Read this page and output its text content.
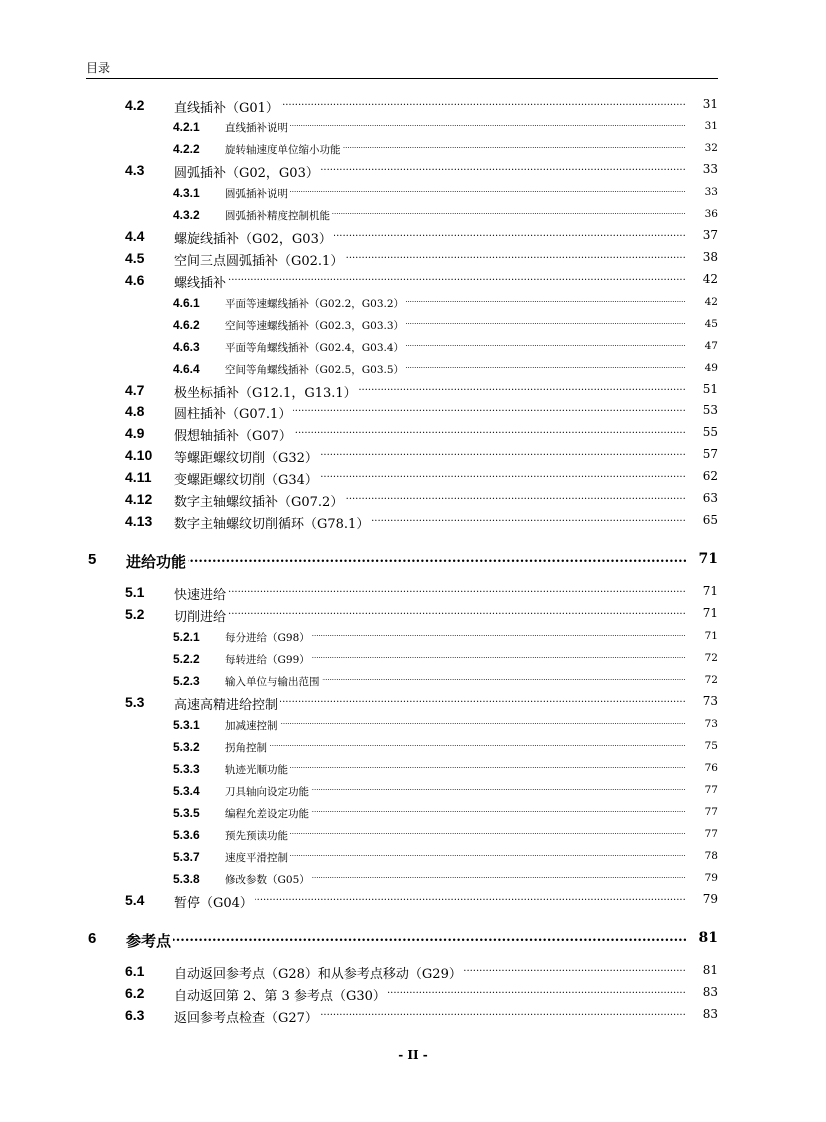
目录
.....
4.2 直线插补（G01）	31
.....
4.2.1 直线插补说明	31
.....
4.2.2 旋转轴速度单位缩小功能	32
.....
4.3 圆弧插补（G02，G03）	33
.....
4.3.1 圆弧插补说明	33
.....
4.3.2 圆弧插补精度控制机能	36
.....
4.4 螺旋线插补（G02，G03）	37
.....
4.5 空间三点圆弧插补（G02.1）	38
.....
4.6 螺线插补	42
.....
4.6.1 平面等速螺线插补（G02.2，G03.2）	42
.....
4.6.2 空间等速螺线插补（G02.3，G03.3）	45
.....
4.6.3 平面等角螺线插补（G02.4，G03.4）	47
.....
4.6.4 空间等角螺线插补（G02.5，G03.5）	49
.....
4.7 极坐标插补（G12.1，G13.1）	51
.....
4.8 圆柱插补（G07.1）	53
.....
4.9 假想轴插补（G07）	55
.....
4.10 等螺距螺纹切削（G32）	57
.....
4.11 变螺距螺纹切削（G34）	62
.....
4.12 数字主轴螺纹插补（G07.2）	63
.....
4.13 数字主轴螺纹切削循环（G78.1）	65
.....
5 进给功能	71
.....
5.1 快速进给	71
.....
5.2 切削进给	71
.....
5.2.1 每分进给（G98）	71
.....
5.2.2 每转进给（G99）	72
.....
5.2.3 输入单位与输出范围	72
.....
5.3 高速高精进给控制	73
.....
5.3.1 加减速控制	73
.....
5.3.2 拐角控制	75
.....
5.3.3 轨迹光顺功能	76
.....
5.3.4 刀具轴向设定功能	77
.....
5.3.5 编程允差设定功能	77
.....
5.3.6 预先预读功能	77
.....
5.3.7 速度平滑控制	78
.....
5.3.8 修改参数（G05）	79
.....
5.4 暂停（G04）	79
.....
6 参考点	81
.....
6.1 自动返回参考点（G28）和从参考点移动（G29）	81
.....
6.2 自动返回第 2、第 3 参考点（G30）	83
.....
6.3 返回参考点检查（G27）	83
- II -
